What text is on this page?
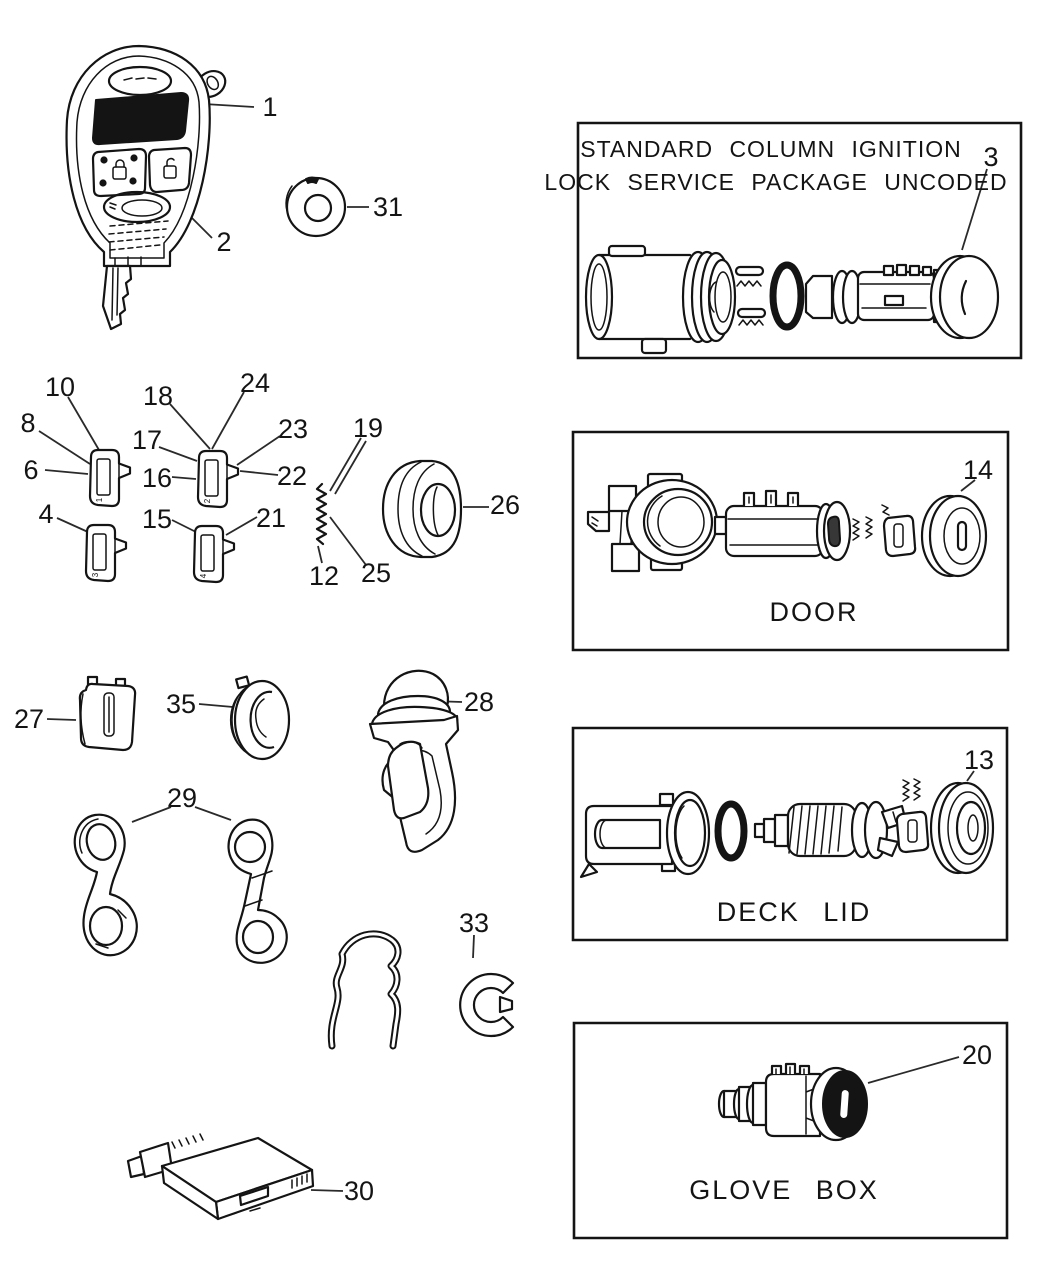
1
3
2
4
1
2
31
3
10
8
6
4
18
17
16
15
24
23
22
21
19
12 25
26
14
13
20
27	35	28
29
33
30
STANDARD COLUMN IGNITION
LOCK SERVICE PACKAGE UNCODED
DOOR
DECK LID
GLOVE BOX
